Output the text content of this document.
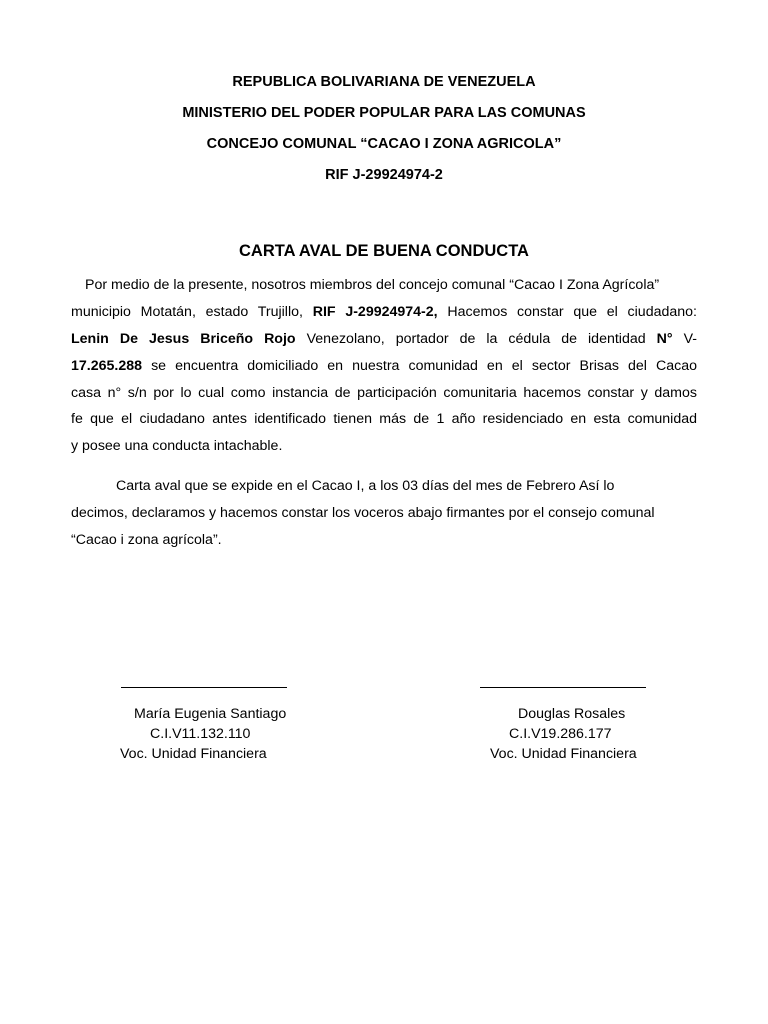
REPUBLICA BOLIVARIANA DE VENEZUELA
MINISTERIO DEL PODER POPULAR PARA LAS COMUNAS
CONCEJO COMUNAL “CACAO I ZONA AGRICOLA”
RIF J-29924974-2
CARTA AVAL DE BUENA CONDUCTA
Por medio de la presente, nosotros miembros del concejo comunal “Cacao I Zona Agrícola”
municipio Motatán, estado Trujillo, RIF J-29924974-2, Hacemos constar que el ciudadano:
Lenin De Jesus Briceño Rojo Venezolano, portador de la cédula de identidad N° V-
17.265.288 se encuentra domiciliado en nuestra comunidad en el sector Brisas del Cacao
casa n° s/n por lo cual como instancia de participación comunitaria hacemos constar y damos
fe que el ciudadano antes identificado tienen más de 1 año residenciado en esta comunidad
y posee una conducta intachable.
Carta aval que se expide en el Cacao I, a los 03 días del mes de Febrero Así lo
decimos, declaramos y hacemos constar los voceros abajo firmantes por el consejo comunal
“Cacao i zona agrícola”.
María Eugenia Santiago
C.I.V11.132.110
Voc. Unidad Financiera
Douglas Rosales
C.I.V19.286.177
Voc. Unidad Financiera
